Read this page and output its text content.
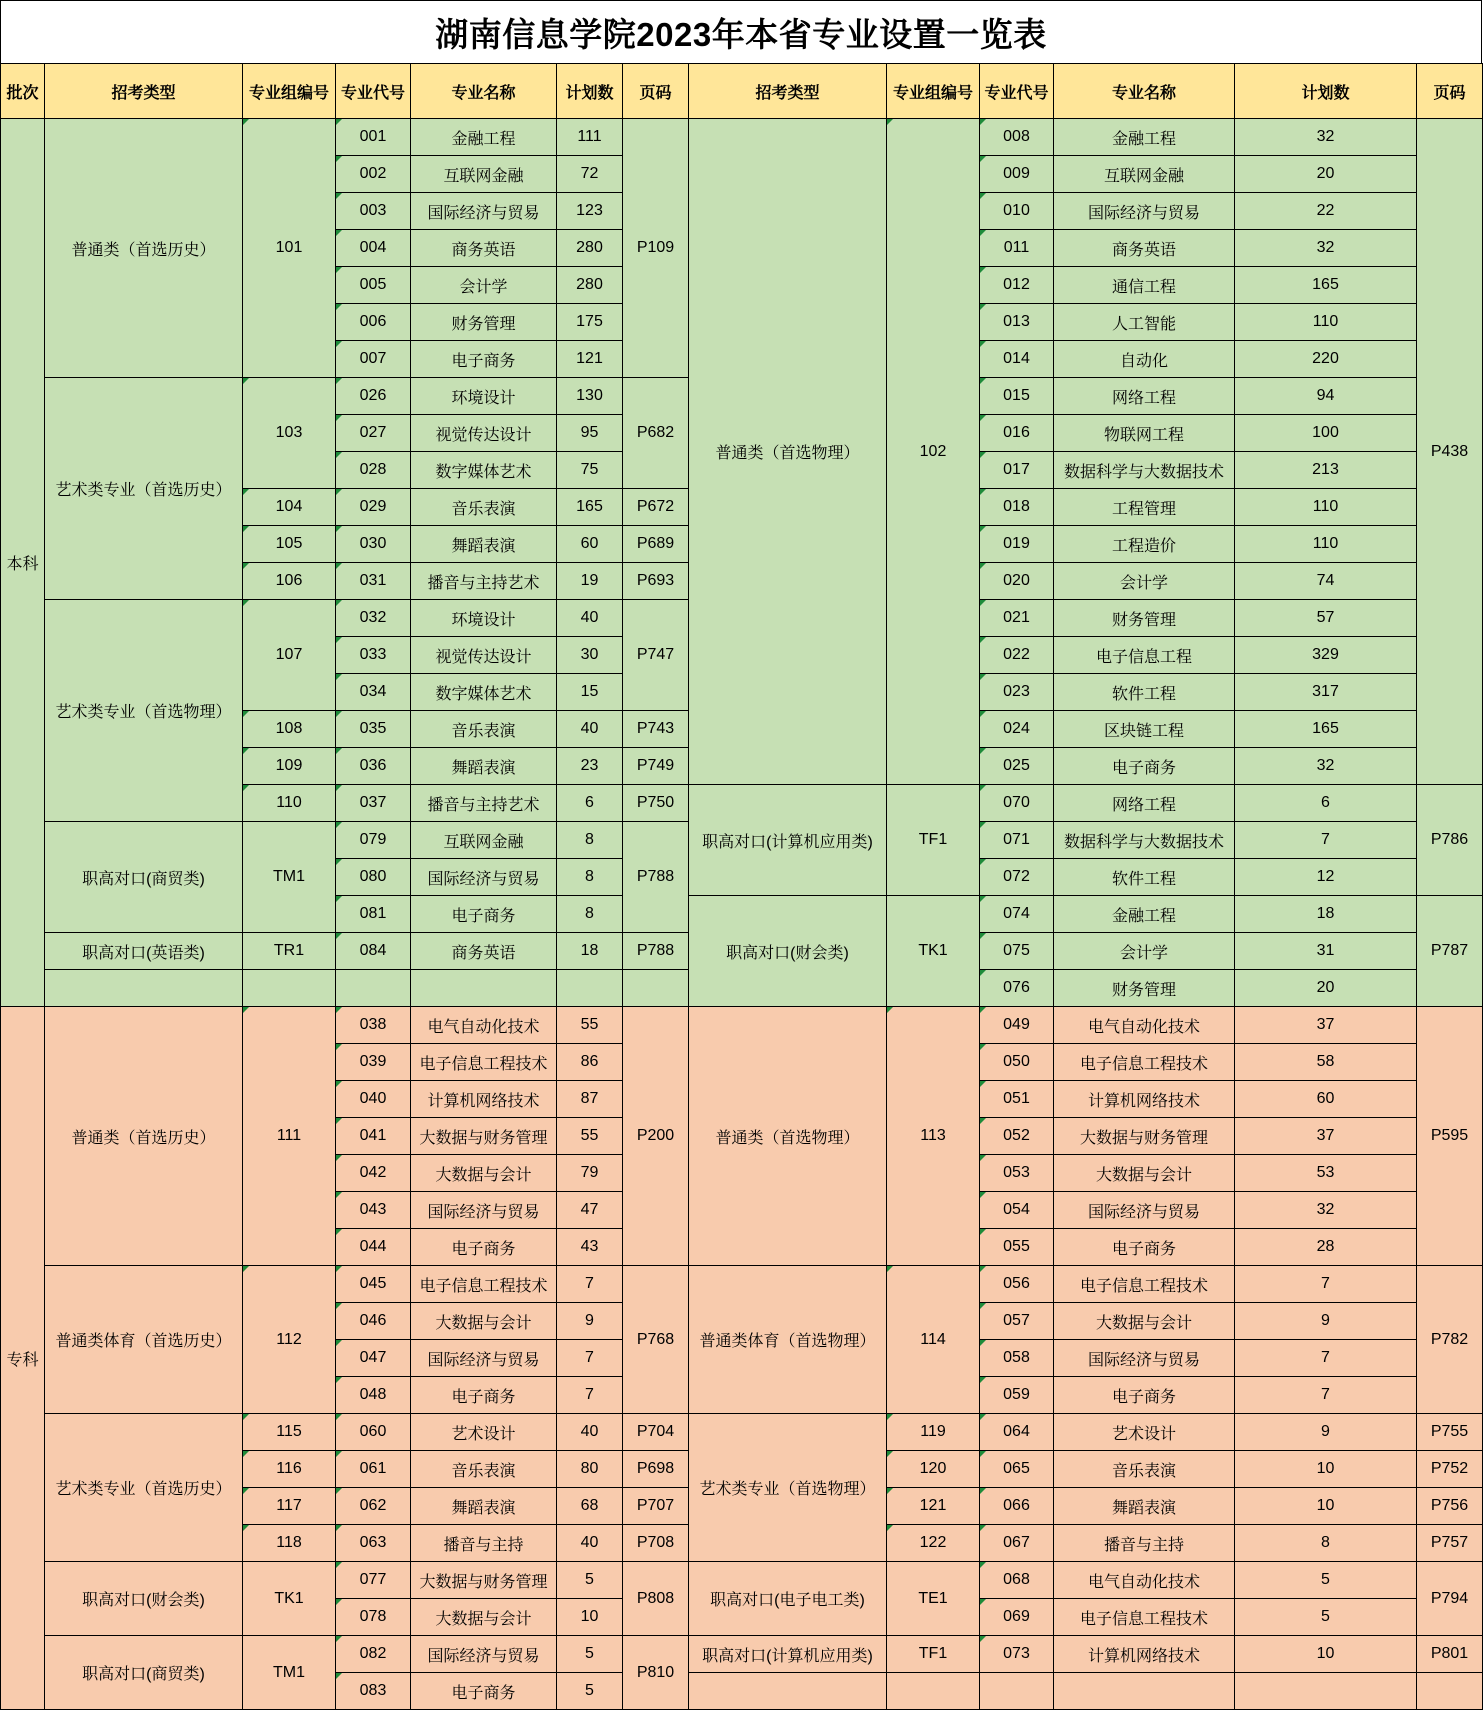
湖南信息学院2023年本省专业设置一览表
批次	招考类型	专业组编号	专业代号	专业名称	计划数	页码	招考类型	专业组编号	专业代号	专业名称	计划数	页码
本科	普通类（首选历史）	101	001	金融工程	111	P109	普通类（首选物理）	102	008	金融工程	32	P438
			002	互联网金融	72				009	互联网金融	20	
			003	国际经济与贸易	123				010	国际经济与贸易	22	
			004	商务英语	280				011	商务英语	32	
			005	会计学	280				012	通信工程	165	
			006	财务管理	175				013	人工智能	110	
			007	电子商务	121				014	自动化	220	
	艺术类专业（首选历史）	103	026	环境设计	130	P682			015	网络工程	94	
			027	视觉传达设计	95				016	物联网工程	100	
			028	数字媒体艺术	75				017	数据科学与大数据技术	213	
		104	029	音乐表演	165	P672			018	工程管理	110	
		105	030	舞蹈表演	60	P689			019	工程造价	110	
		106	031	播音与主持艺术	19	P693			020	会计学	74	
	艺术类专业（首选物理）	107	032	环境设计	40	P747			021	财务管理	57	
			033	视觉传达设计	30				022	电子信息工程	329	
			034	数字媒体艺术	15				023	软件工程	317	
		108	035	音乐表演	40	P743			024	区块链工程	165	
		109	036	舞蹈表演	23	P749			025	电子商务	32	
		110	037	播音与主持艺术	6	P750	职高对口(计算机应用类)	TF1	070	网络工程	6	P786
	职高对口(商贸类)	TM1	079	互联网金融	8	P788			071	数据科学与大数据技术	7	
			080	国际经济与贸易	8				072	软件工程	12	
			081	电子商务	8		职高对口(财会类)	TK1	074	金融工程	18	P787
	职高对口(英语类)	TR1	084	商务英语	18	P788			075	会计学	31	
									076	财务管理	20	
专科	普通类（首选历史）	111	038	电气自动化技术	55	P200	普通类（首选物理）	113	049	电气自动化技术	37	P595
			039	电子信息工程技术	86				050	电子信息工程技术	58	
			040	计算机网络技术	87				051	计算机网络技术	60	
			041	大数据与财务管理	55				052	大数据与财务管理	37	
			042	大数据与会计	79				053	大数据与会计	53	
			043	国际经济与贸易	47				054	国际经济与贸易	32	
			044	电子商务	43				055	电子商务	28	
	普通类体育（首选历史）	112	045	电子信息工程技术	7	P768	普通类体育（首选物理）	114	056	电子信息工程技术	7	P782
			046	大数据与会计	9				057	大数据与会计	9	
			047	国际经济与贸易	7				058	国际经济与贸易	7	
			048	电子商务	7				059	电子商务	7	
	艺术类专业（首选历史）	115	060	艺术设计	40	P704	艺术类专业（首选物理）	119	064	艺术设计	9	P755
		116	061	音乐表演	80	P698		120	065	音乐表演	10	P752
		117	062	舞蹈表演	68	P707		121	066	舞蹈表演	10	P756
		118	063	播音与主持	40	P708		122	067	播音与主持	8	P757
	职高对口(财会类)	TK1	077	大数据与财务管理	5	P808	职高对口(电子电工类)	TE1	068	电气自动化技术	5	P794
			078	大数据与会计	10				069	电子信息工程技术	5	
	职高对口(商贸类)	TM1	082	国际经济与贸易	5	P810	职高对口(计算机应用类)	TF1	073	计算机网络技术	10	P801
			083	电子商务	5							
